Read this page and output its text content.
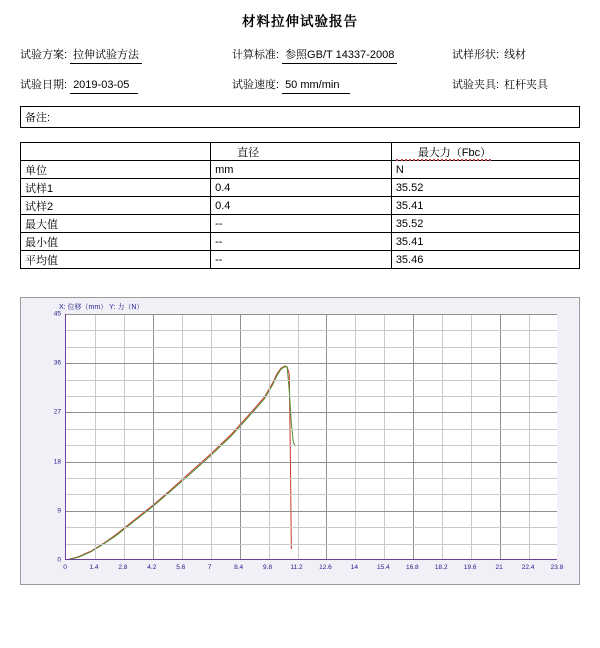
材料拉伸试验报告
试验方案: 拉伸试验方法	计算标准: 参照GB/T 14337-2008	试样形状: 线材
试验日期: 2019-03-05	试验速度: 50 mm/min	试验夹具: 杠杆夹具
备注:
	直径	最大力（Fbc）
单位	mm	N
试样1	0.4	35.52
试样2	0.4	35.41
最大值	--	35.52
最小值	--	35.41
平均值	--	35.46
X: 位移（mm） Y: 力（N）
0
9
18
27
36
45
0	1.4	2.8	4.2	5.6	7	8.4	9.8	11.2	12.6	14	15.4	16.8	18.2	19.6	21	22.4	23.8
